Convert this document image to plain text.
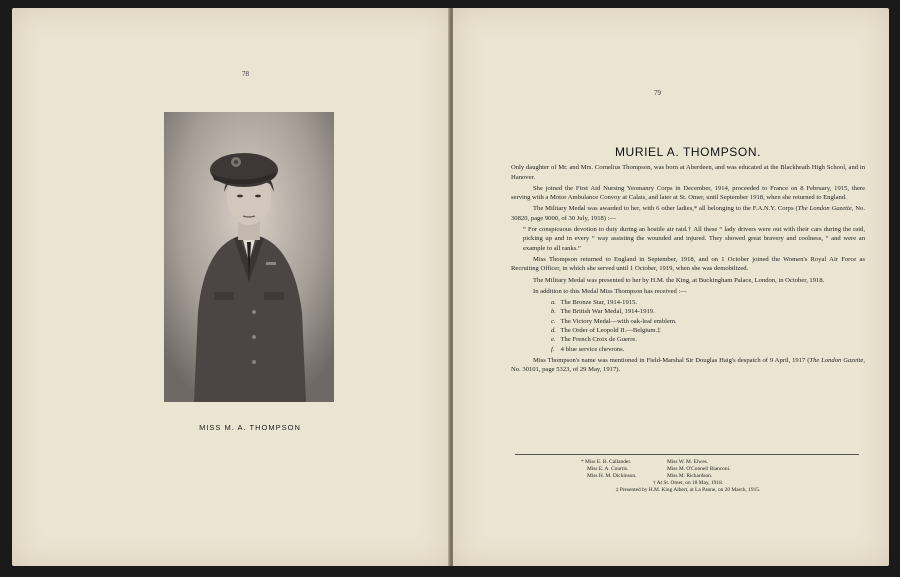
78
MISS M. A. THOMPSON
79
MURIEL A. THOMPSON.

Only daughter of Mr. and Mrs. Cornelius Thompson, was born at Aberdeen, and was educated at the Blackheath High School, and in Hanover.

She joined the First Aid Nursing Yeomanry Corps in December, 1914, proceeded to France on 8 February, 1915, there serving with a Motor Ambulance Convoy at Calais, and later at St. Omer, until September 1918, when she returned to England.

The Military Medal was awarded to her, with 6 other ladies,* all belonging to the F.A.N.Y. Corps (The London Gazette, No. 30820, page 9000, of 30 July, 1918) :—

“ For conspicuous devotion to duty during an hostile air raid.† All these “ lady drivers were out with their cars during the raid, picking up and in every “ way assisting the wounded and injured. They showed great bravery and coolness, “ and were an example to all ranks.”

Miss Thompson returned to England in September, 1918, and on 1 October joined the Women's Royal Air Force as Recruiting Officer, in which she served until 1 October, 1919, when she was demobilized.

The Military Medal was presented to her by H.M. the King, at Buckingham Palace, London, in October, 1918.

In addition to this Medal Miss Thompson has received :—

a. The Bronze Star, 1914-1915.
b. The British War Medal, 1914-1919.
c. The Victory Medal—with oak-leaf emblem.
d. The Order of Leopold II.—Belgium.‡
e. The French Croix de Guerre.
f. 4 blue service chevrons.

Miss Thompson's name was mentioned in Field-Marshal Sir Douglas Haig's despatch of 9 April, 1917 (The London Gazette, No. 30101, page 5323, of 29 May, 1917).

* Miss E. B. Callander.	Miss W. M. Elwes.
Miss E. A. Courtis.	Miss M. O'Connell Bianconi.
Miss H. M. Dickinson.	Miss M. Richardson.
† At St. Omer, on 18 May, 1918.
‡ Presented by H.M. King Albert, at La Panne, on 20 March, 1915.
